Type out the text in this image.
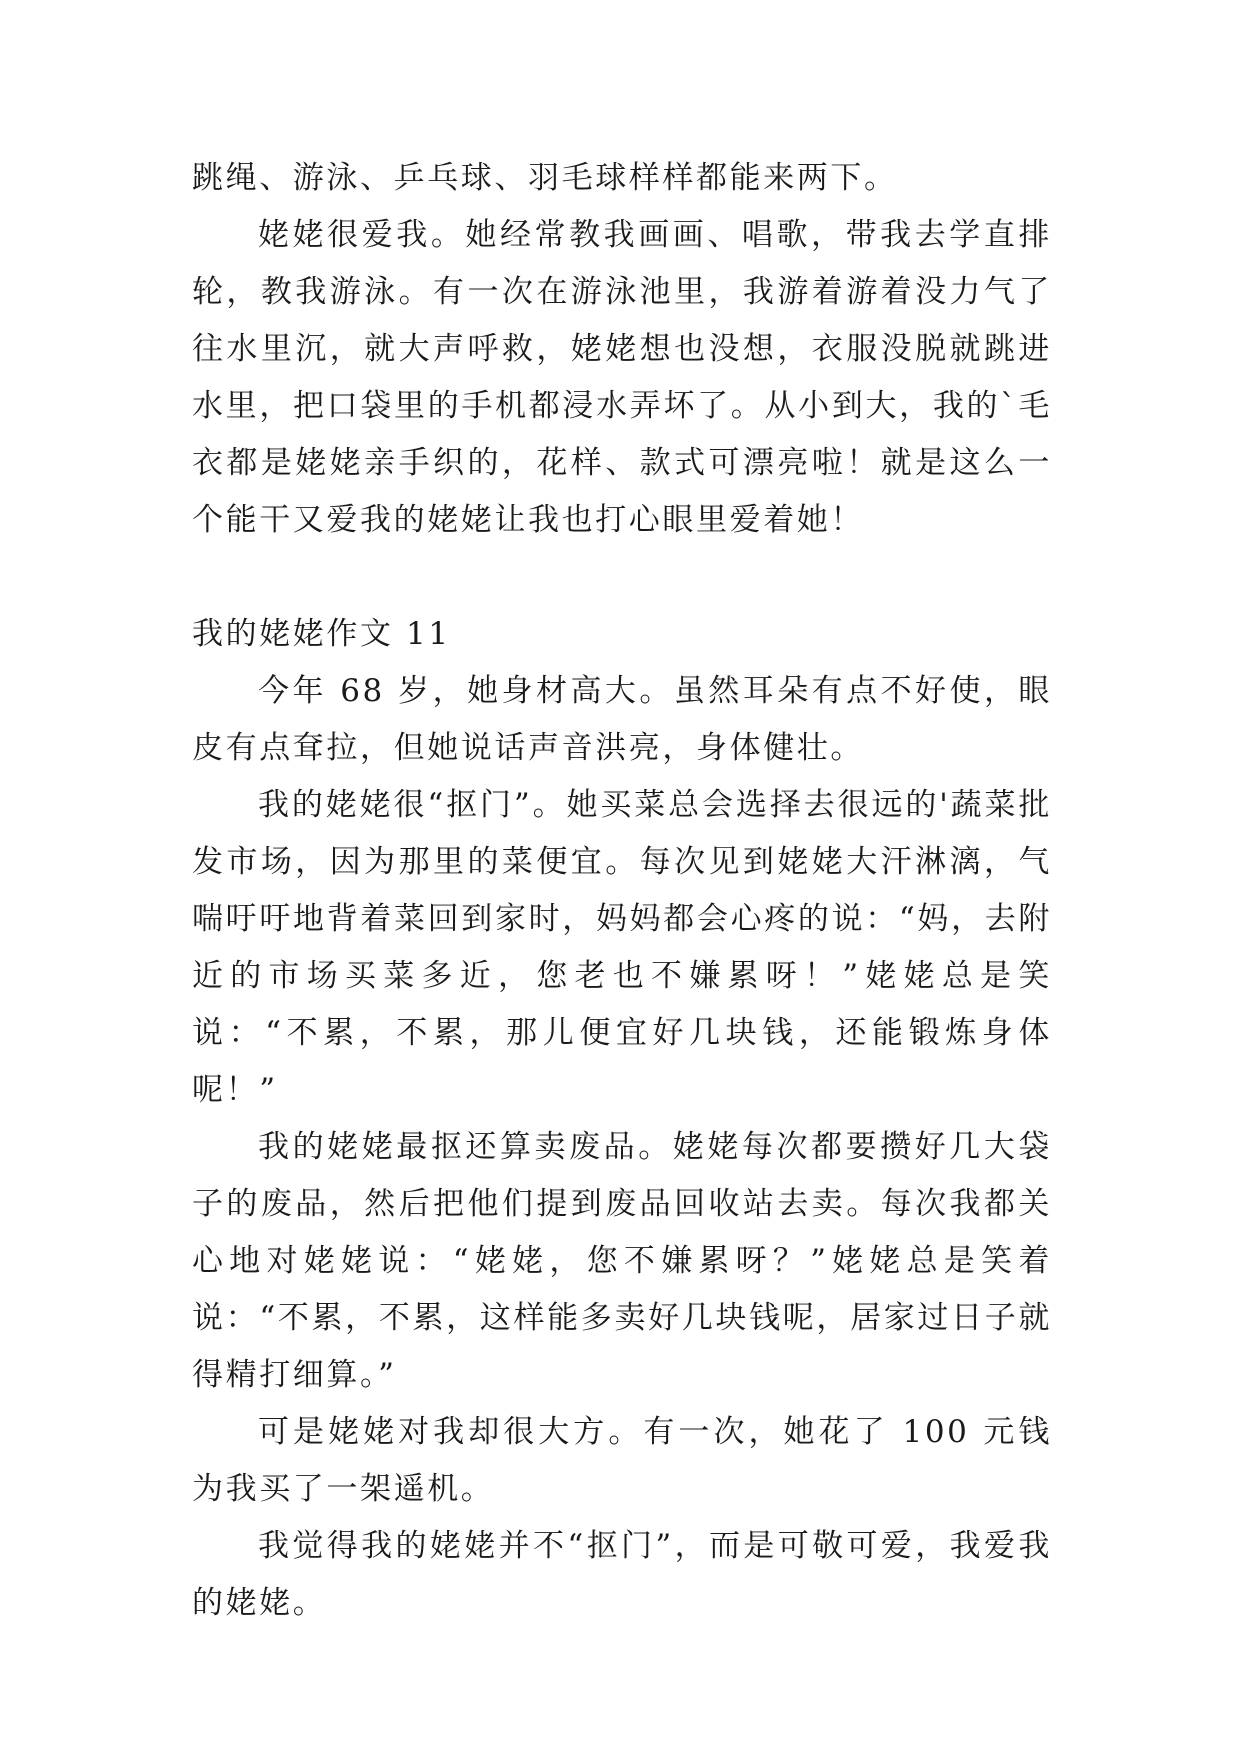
跳绳、游泳、乒乓球、羽毛球样样都能来两下。

姥姥很爱我。她经常教我画画、唱歌，带我去学直排轮，教我游泳。有一次在游泳池里，我游着游着没力气了往水里沉，就大声呼救，姥姥想也没想，衣服没脱就跳进水里，把口袋里的手机都浸水弄坏了。从小到大，我的`毛衣都是姥姥亲手织的，花样、款式可漂亮啦！就是这么一个能干又爱我的姥姥让我也打心眼里爱着她！

我的姥姥作文 11

今年 68 岁，她身材高大。虽然耳朵有点不好使，眼皮有点耷拉，但她说话声音洪亮，身体健壮。

我的姥姥很“抠门”。她买菜总会选择去很远的'蔬菜批发市场，因为那里的菜便宜。每次见到姥姥大汗淋漓，气喘吁吁地背着菜回到家时，妈妈都会心疼的说：“妈，去附近的市场买菜多近，您老也不嫌累呀！”姥姥总是笑说：“不累，不累，那儿便宜好几块钱，还能锻炼身体呢！”

我的姥姥最抠还算卖废品。姥姥每次都要攒好几大袋子的废品，然后把他们提到废品回收站去卖。每次我都关心地对姥姥说：“姥姥，您不嫌累呀？”姥姥总是笑着说：“不累，不累，这样能多卖好几块钱呢，居家过日子就得精打细算。”

可是姥姥对我却很大方。有一次，她花了 100 元钱为我买了一架遥机。

我觉得我的姥姥并不“抠门”，而是可敬可爱，我爱我的姥姥。
